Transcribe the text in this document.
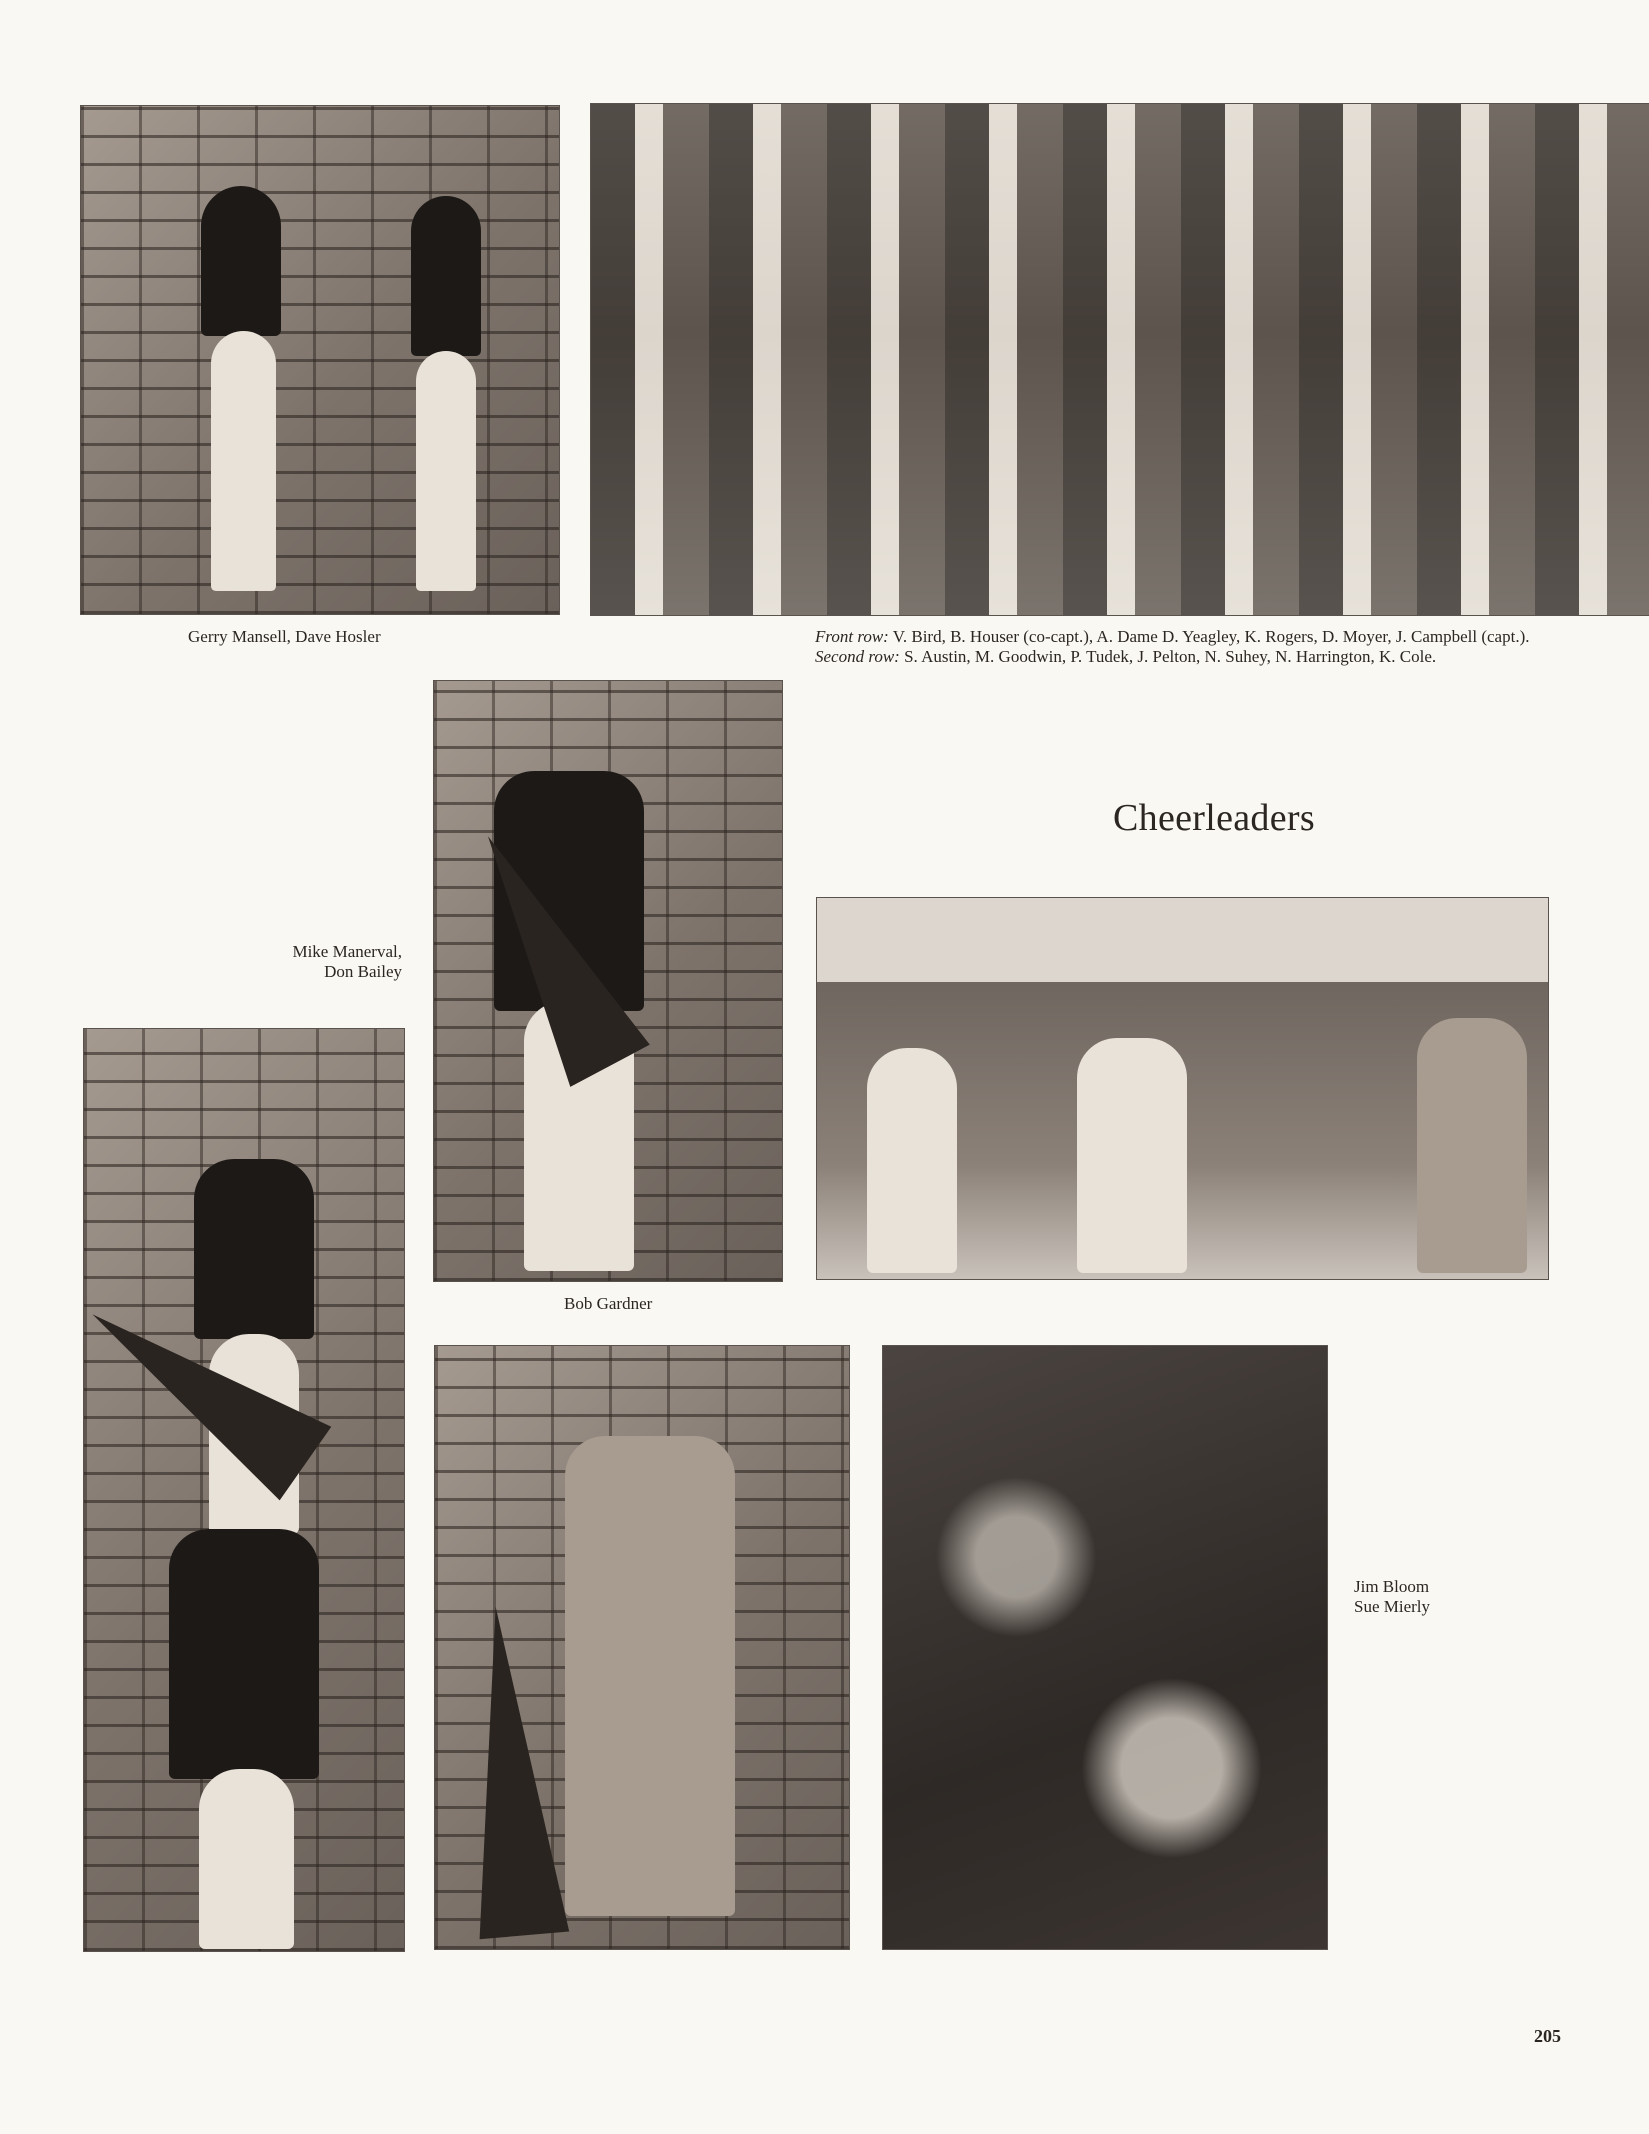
Gerry Mansell, Dave Hosler	Front row: V. Bird, B. Houser (co-capt.), A. Dame D. Yeagley, K. Rogers, D. Moyer, J. Campbell (capt.). Second row: S. Austin, M. Goodwin, P. Tudek, J. Pelton, N. Suhey, N. Harrington, K. Cole.
Cheerleaders
Mike Manerval,
Don Bailey
Bob Gardner
Jim Bloom
Sue Mierly
205
